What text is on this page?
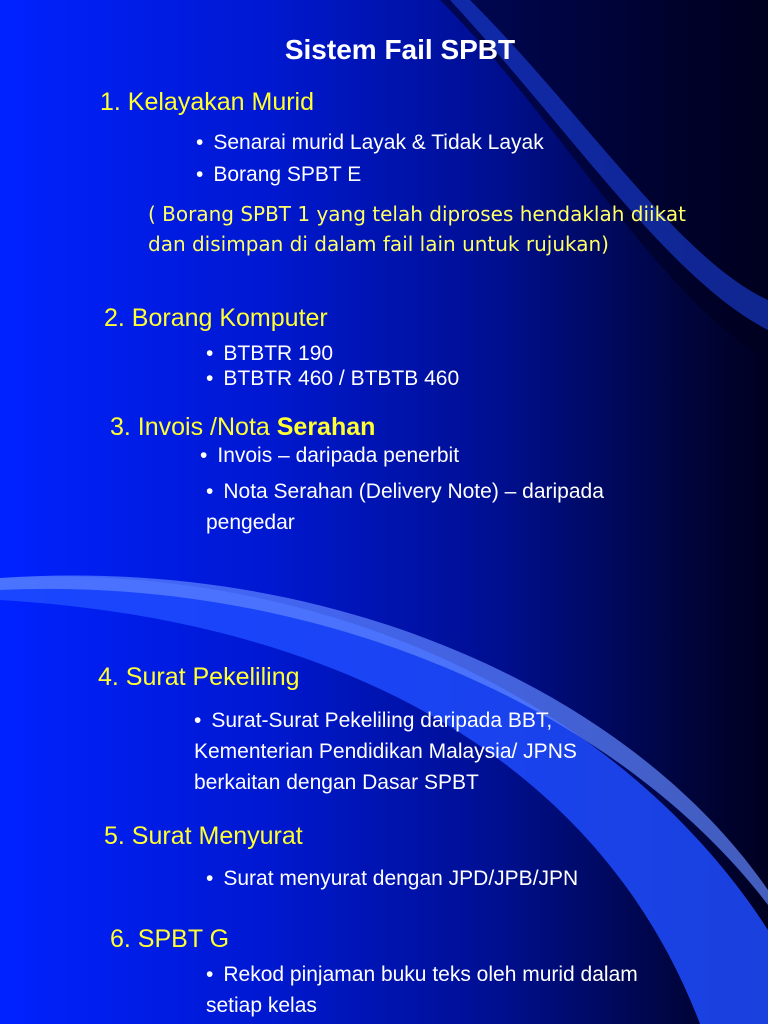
Sistem Fail SPBT
1. Kelayakan Murid
• Senarai murid Layak & Tidak Layak
• Borang SPBT E
( Borang SPBT 1 yang telah diproses hendaklah diikat dan disimpan di dalam fail lain untuk rujukan)
2. Borang Komputer
• BTBTR 190
• BTBTR 460 / BTBTB 460
3. Invois /Nota Serahan
• Invois – daripada penerbit
• Nota Serahan (Delivery Note) – daripada pengedar
4. Surat Pekeliling
• Surat-Surat Pekeliling daripada BBT, Kementerian Pendidikan Malaysia/ JPNS berkaitan dengan Dasar SPBT
5. Surat Menyurat
• Surat menyurat dengan JPD/JPB/JPN
6. SPBT G
• Rekod pinjaman buku teks oleh murid dalam setiap kelas
